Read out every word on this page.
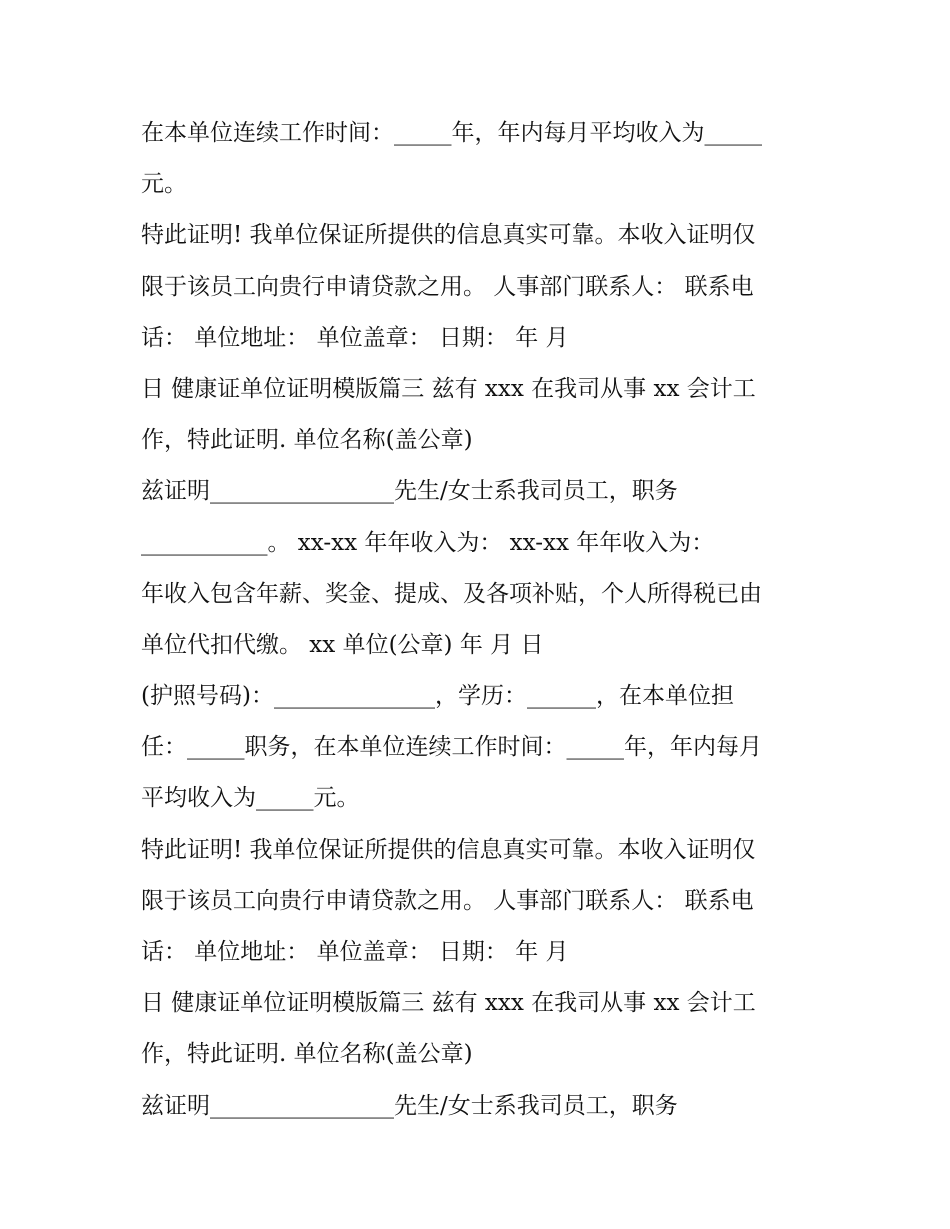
在本单位连续工作时间：_____年，年内每月平均收入为_____
元。
特此证明! 我单位保证所提供的信息真实可靠。本收入证明仅
限于该员工向贵行申请贷款之用。 人事部门联系人： 联系电
话： 单位地址： 单位盖章： 日期： 年 月
日 健康证单位证明模版篇三 兹有 xxx 在我司从事 xx 会计工
作，特此证明. 单位名称(盖公章)
兹证明________________先生/女士系我司员工，职务
___________。 xx-xx 年年收入为： xx-xx 年年收入为：
年收入包含年薪、奖金、提成、及各项补贴，个人所得税已由
单位代扣代缴。 xx 单位(公章) 年 月 日
(护照号码)：______________，学历：______，在本单位担
任：_____职务，在本单位连续工作时间：_____年，年内每月
平均收入为_____元。
特此证明! 我单位保证所提供的信息真实可靠。本收入证明仅
限于该员工向贵行申请贷款之用。 人事部门联系人： 联系电
话： 单位地址： 单位盖章： 日期： 年 月
日 健康证单位证明模版篇三 兹有 xxx 在我司从事 xx 会计工
作，特此证明. 单位名称(盖公章)
兹证明________________先生/女士系我司员工，职务
